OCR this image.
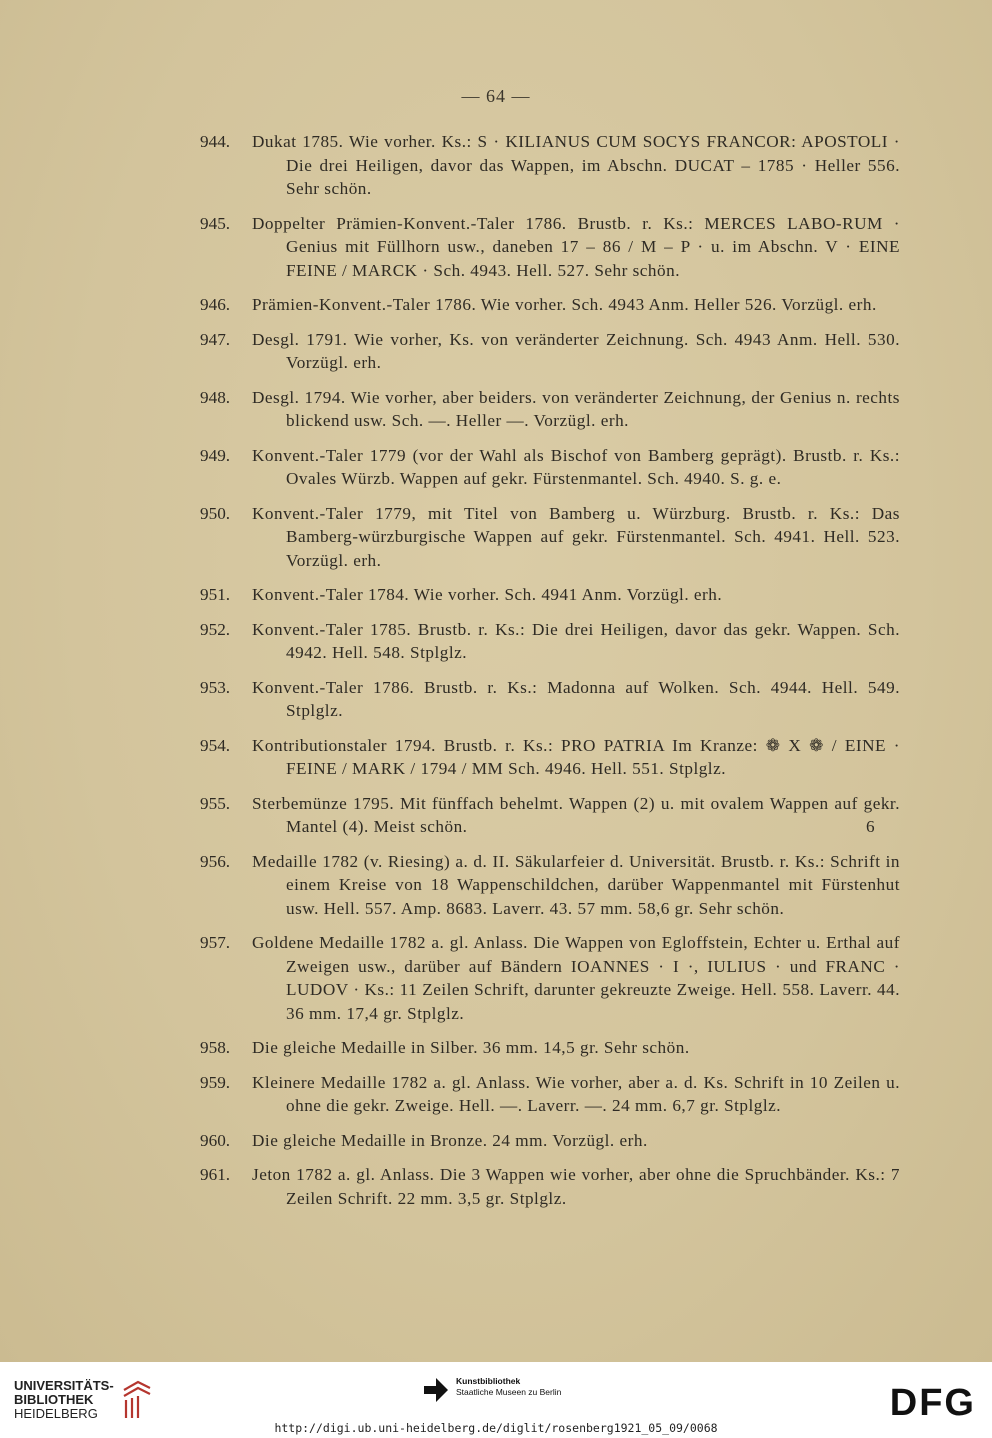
— 64 —
944. Dukat 1785. Wie vorher. Ks.: S · KILIANUS CUM SOCYS FRANCOR: APOSTOLI · Die drei Heiligen, davor das Wappen, im Abschn. DUCAT – 1785 · Heller 556. Sehr schön.
945. Doppelter Prämien-Konvent.-Taler 1786. Brustb. r. Ks.: MERCES LABO-RUM · Genius mit Füllhorn usw., daneben 17 – 86 / M – P · u. im Abschn. V · EINE FEINE / MARCK · Sch. 4943. Hell. 527. Sehr schön.
946. Prämien-Konvent.-Taler 1786. Wie vorher. Sch. 4943 Anm. Heller 526. Vorzügl. erh.
947. Desgl. 1791. Wie vorher, Ks. von veränderter Zeichnung. Sch. 4943 Anm. Hell. 530. Vorzügl. erh.
948. Desgl. 1794. Wie vorher, aber beiders. von veränderter Zeichnung, der Genius n. rechts blickend usw. Sch. —. Heller —. Vorzügl. erh.
949. Konvent.-Taler 1779 (vor der Wahl als Bischof von Bamberg geprägt). Brustb. r. Ks.: Ovales Würzb. Wappen auf gekr. Fürstenmantel. Sch. 4940. S. g. e.
950. Konvent.-Taler 1779, mit Titel von Bamberg u. Würzburg. Brustb. r. Ks.: Das Bamberg-würzburgische Wappen auf gekr. Fürstenmantel. Sch. 4941. Hell. 523. Vorzügl. erh.
951. Konvent.-Taler 1784. Wie vorher. Sch. 4941 Anm. Vorzügl. erh.
952. Konvent.-Taler 1785. Brustb. r. Ks.: Die drei Heiligen, davor das gekr. Wappen. Sch. 4942. Hell. 548. Stplglz.
953. Konvent.-Taler 1786. Brustb. r. Ks.: Madonna auf Wolken. Sch. 4944. Hell. 549. Stplglz.
954. Kontributionstaler 1794. Brustb. r. Ks.: PRO PATRIA Im Kranze: ❁ X ❁ / EINE · FEINE / MARK / 1794 / MM Sch. 4946. Hell. 551. Stplglz.
955. Sterbemünze 1795. Mit fünffach behelmt. Wappen (2) u. mit ovalem Wappen auf gekr. Mantel (4). Meist schön.	6
956. Medaille 1782 (v. Riesing) a. d. II. Säkularfeier d. Universität. Brustb. r. Ks.: Schrift in einem Kreise von 18 Wappenschildchen, darüber Wappenmantel mit Fürstenhut usw. Hell. 557. Amp. 8683. Laverr. 43. 57 mm. 58,6 gr. Sehr schön.
957. Goldene Medaille 1782 a. gl. Anlass. Die Wappen von Egloffstein, Echter u. Erthal auf Zweigen usw., darüber auf Bändern IOANNES · I ·, IULIUS · und FRANC · LUDOV · Ks.: 11 Zeilen Schrift, darunter gekreuzte Zweige. Hell. 558. Laverr. 44. 36 mm. 17,4 gr. Stplglz.
958. Die gleiche Medaille in Silber. 36 mm. 14,5 gr. Sehr schön.
959. Kleinere Medaille 1782 a. gl. Anlass. Wie vorher, aber a. d. Ks. Schrift in 10 Zeilen u. ohne die gekr. Zweige. Hell. —. Laverr. —. 24 mm. 6,7 gr. Stplglz.
960. Die gleiche Medaille in Bronze. 24 mm. Vorzügl. erh.
961. Jeton 1782 a. gl. Anlass. Die 3 Wappen wie vorher, aber ohne die Spruchbänder. Ks.: 7 Zeilen Schrift. 22 mm. 3,5 gr. Stplglz.
UNIVERSITÄTS-
BIBLIOTHEK
HEIDELBERG
Kunstbibliothek
Staatliche Museen zu Berlin	DFG
http://digi.ub.uni-heidelberg.de/diglit/rosenberg1921_05_09/0068
